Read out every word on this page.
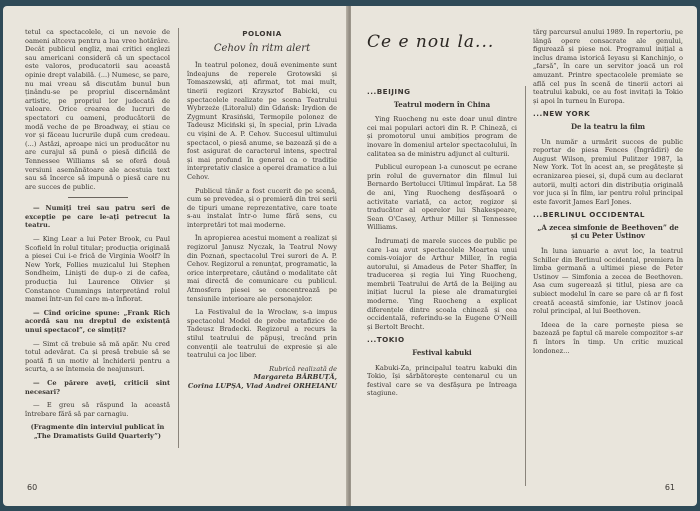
tetul ca spectacolele, ci un nevoie de oameni altceva pentru a lua vreo hotărâre. Decât publicul engliz, mai critici englezi sau americani consideră că un spectacol este valoros, producatorii sau această opinie drept valabilă. (...) Numesc, se pare, nu mai vreau să discutăm bunul bun ținându-se pe propriul discernământ artistic, pe propriul lor judecată de valoare. Orice crearea de lucruri de spectatori cu oameni, producătorii de modă veche de pe Broadway, ei știau ce vor și făceau lucrurile după cum credeau. (...) Astăzi, aproape nici un producător nu are curajul să pună o piesă dificilă de Tennessee Williams să se oferă două versiuni asemănătoare ale acestuia text sau să încerce să impună o piesă care nu are succes de public.

— Numiți trei sau patru seri de excepție pe care le-ați petrecut la teatru.

— King Lear a lui Peter Brook, cu Paul Scofield în rolul titular; producția originală a piesei Cui i-e frică de Virginia Woolf? în New York, Follies muzicalul lui Stephen Sondheim, Linişti de dup-o zi de cafea, producția lui Laurence Olivier și Constance Cummings interpretând rolul mamei într-un fel care m-a înfiorat.

— Cînd oricine spune: „Frank Rich acordă sau nu dreptul de existență unui spectacol”, ce simțiți?

— Simt că trebuie să mă apăr. Nu cred totul adevărat. Ca și presă trebuie să se poată fi un motiv al închiderii pentru a scurta, a se întemeia de neajunsuri.

— Ce părere aveți, criticii sint necesari?

— E greu să răspund la această întrebare fără să par carnagiu.

(Fragmente din interviul publicat în „The Dramatists Guild Quarterly”)

POLONIA
Cehov în ritm alert

În teatrul polonez, două evenimente sunt îndeajuns de reperele Grotowski și Tomaszewski, ați afirmat, tot mai mult, tinerii regizori Krzysztof Babicki, cu spectacolele realizate pe scena Teatrului Wybrzeże (Litoralul) din Gdańsk: Irydion de Zygmunt Krasiński, Termopile polonez de Tadeusz Miciński și, în special, prin Livada cu vișini de A. P. Cehov. Succesul ultimului spectacol, o piesă anume, se bazează și de a fost asigurat de caracterul intens, spectral și mai profund în general ca o tradiție interpretativ clasice a operei dramatice a lui Cehov.

Publicul tânăr a fost cucerit de pe scenă, cum se prevedea, și o premieră din trei serii de tipuri umane reprezentative, care toate s-au instalat într-o lume fără sens, cu interpretări tot mai moderne.

În apropierea acestui moment a realizat și regizorul Janusz Nyczak, la Teatrul Nowy din Poznań, spectacolul Trei surori de A. P. Cehov. Regizorul a renunțat, programatic, la orice interpretare, căutând o modalitate cât mai directă de comunicare cu publicul. Atmosfera piesei se concentrează pe tensiunile interioare ale personajelor.

La Festivalul de la Wrocław, s-a impus spectacolul Model de probe metafizice de Tadeusz Bradecki. Regizorul a recurs la stilul teatrului de păpuși, trecând prin convenții ale teatrului de expresie și ale teatrului ca joc liber.

Rubrică realizată de
Margareta BĂRBUȚĂ,
Corina LUPȘA, Vlad Andrei ORHEIANU
60
Ce e nou la...
...BEIJING
Teatrul modern în China

Ying Ruocheng nu este doar unul dintre cei mai populari actori din R. P. Chineză, ci și promotorul unui ambițios program de inovare în domeniul artelor spectacolului, în calitatea sa de ministru adjunct al culturii.

Publicul european l-a cunoscut pe ecrane prin rolul de guvernator din filmul lui Bernardo Bertolucci Ultimul împărat. La 58 de ani, Ying Ruocheng desfășoară o activitate variată, ca actor, regizor și traducător al operelor lui Shakespeare, Sean O'Casey, Arthur Miller și Tennessee Williams.

Îndrumați de marele succes de public pe care l-au avut spectacolele Moartea unui comis-voiajor de Arthur Miller, în regia autorului, și Amadeus de Peter Shaffer, în traducerea și regia lui Ying Ruocheng, membrii Teatrului de Artă de la Beijing au inițiat lucrul la piese ale dramaturgiei moderne. Ying Ruocheng a explicat diferențele dintre școala chineză și cea occidentală, referindu-se la Eugene O'Neill și Bertolt Brecht.

...TOKIO
Festival kabuki

Kabuki-Za, principalul teatru kabuki din Tokio, își sărbătorește centenarul cu un festival care se va desfășura pe întreaga stagiune.

tărg parcursul anului 1989. În repertoriu, pe lângă opere consacrate ale genului, figurează și piese noi. Programul inițial a inclus drama istorică Ieyasu și Kanchinjo, o „farsă”, în care un servitor joacă un rol amuzant. Printre spectacolele premiate se află cel pus în scenă de tinerii actori ai teatrului kabuki, ce au fost invitați la Tokio și apoi în turneu în Europa.

...NEW YORK
De la teatru la film

Un număr a urmărit succes de public reportar de piesa Fences (Îngrădiri) de August Wilson, premiul Pulitzer 1987, la New York. Tot în acest an, se pregătește și ecranizarea piesei, și, după cum au declarat autorii, mulți actori din distribuția originală vor juca și în film, iar pentru rolul principal este favorit James Earl Jones.

...BERLINUL OCCIDENTAL
„A zecea simfonie de Beethoven” de și cu Peter Ustinov

În luna ianuarie a avut loc, la teatrul Schiller din Berlinul occidental, premiera în limba germană a ultimei piese de Peter Ustinov — Simfonia a zecea de Beethoven. Asa cum sugerează și titlul, piesa are ca subiect modelul în care se pare că ar fi fost creată această simfonie, iar Ustinov joacă rolul principal, al lui Beethoven.

Ideea de la care pornește piesa se bazează pe faptul că marele compozitor s-ar fi întors în timp. Un critic muzical londonez...

61
